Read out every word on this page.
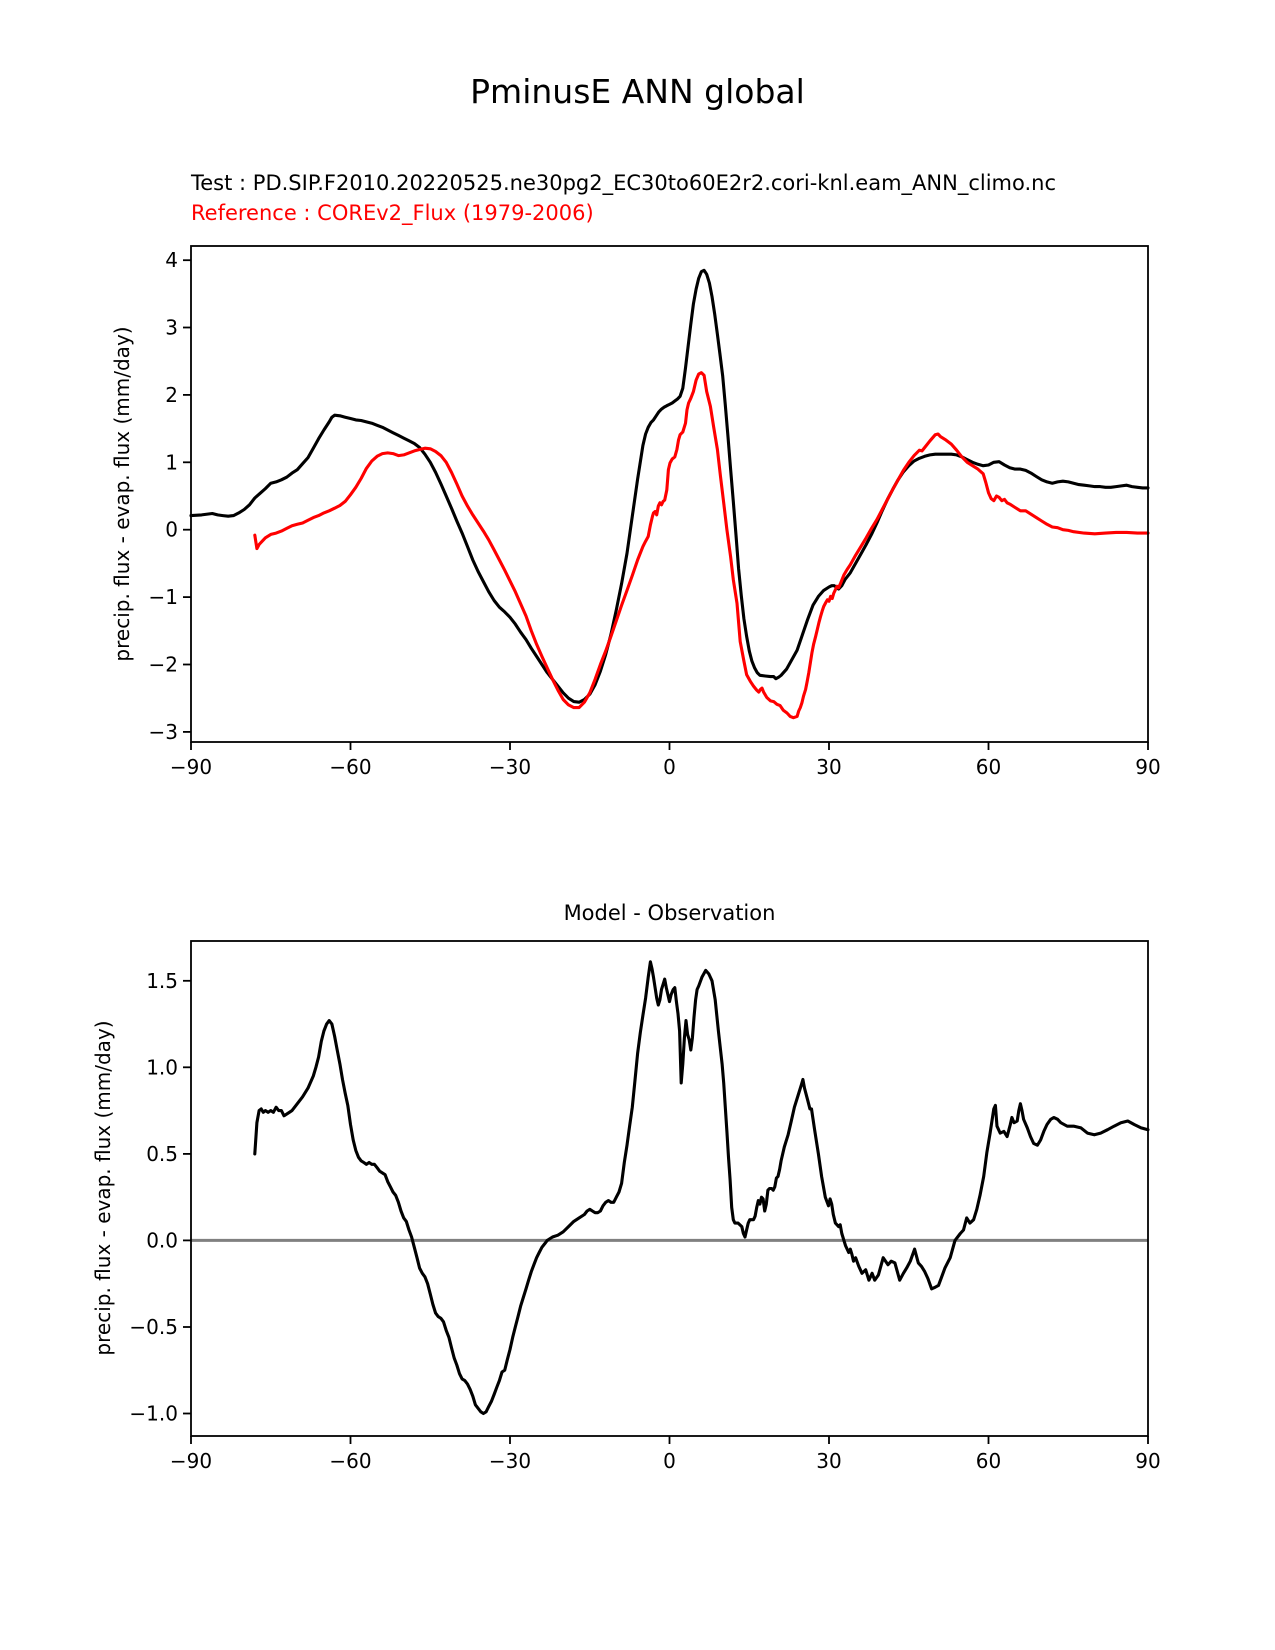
PminusE ANN global
Test : PD.SIP.F2010.20220525.ne30pg2_EC30to60E2r2.cori-knl.eam_ANN_climo.nc
Reference : COREv2_Flux (1979-2006)
precip. flux - evap. flux (mm/day)
Model - Observation
precip. flux - evap. flux (mm/day)
−90	−60	−30	0	30	60	90
4
3
2
1
0
−1
−2
−3
−90	−60	−30	0	30	60	90
1.5
1.0
0.5
0.0
−0.5
−1.0
